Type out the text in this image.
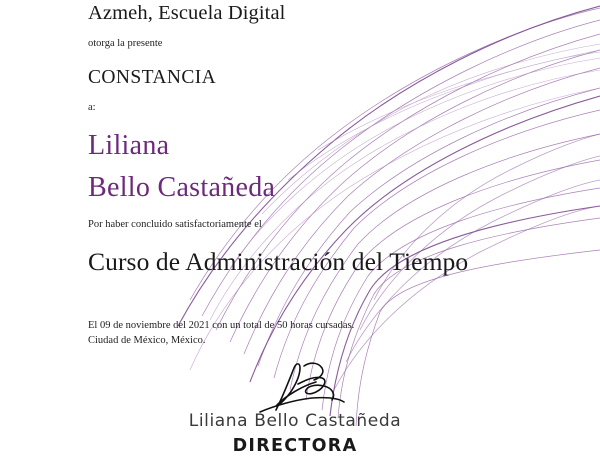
Azmeh, Escuela Digital
otorga la presente
CONSTANCIA
a:
Liliana
Bello Castañeda
Por haber concluido satisfactoriamente el
Curso de Administración del Tiempo
El 09 de noviembre del 2021 con un total de 50 horas cursadas.
Ciudad de México, México.
Liliana Bello Castañeda
DIRECTORA
